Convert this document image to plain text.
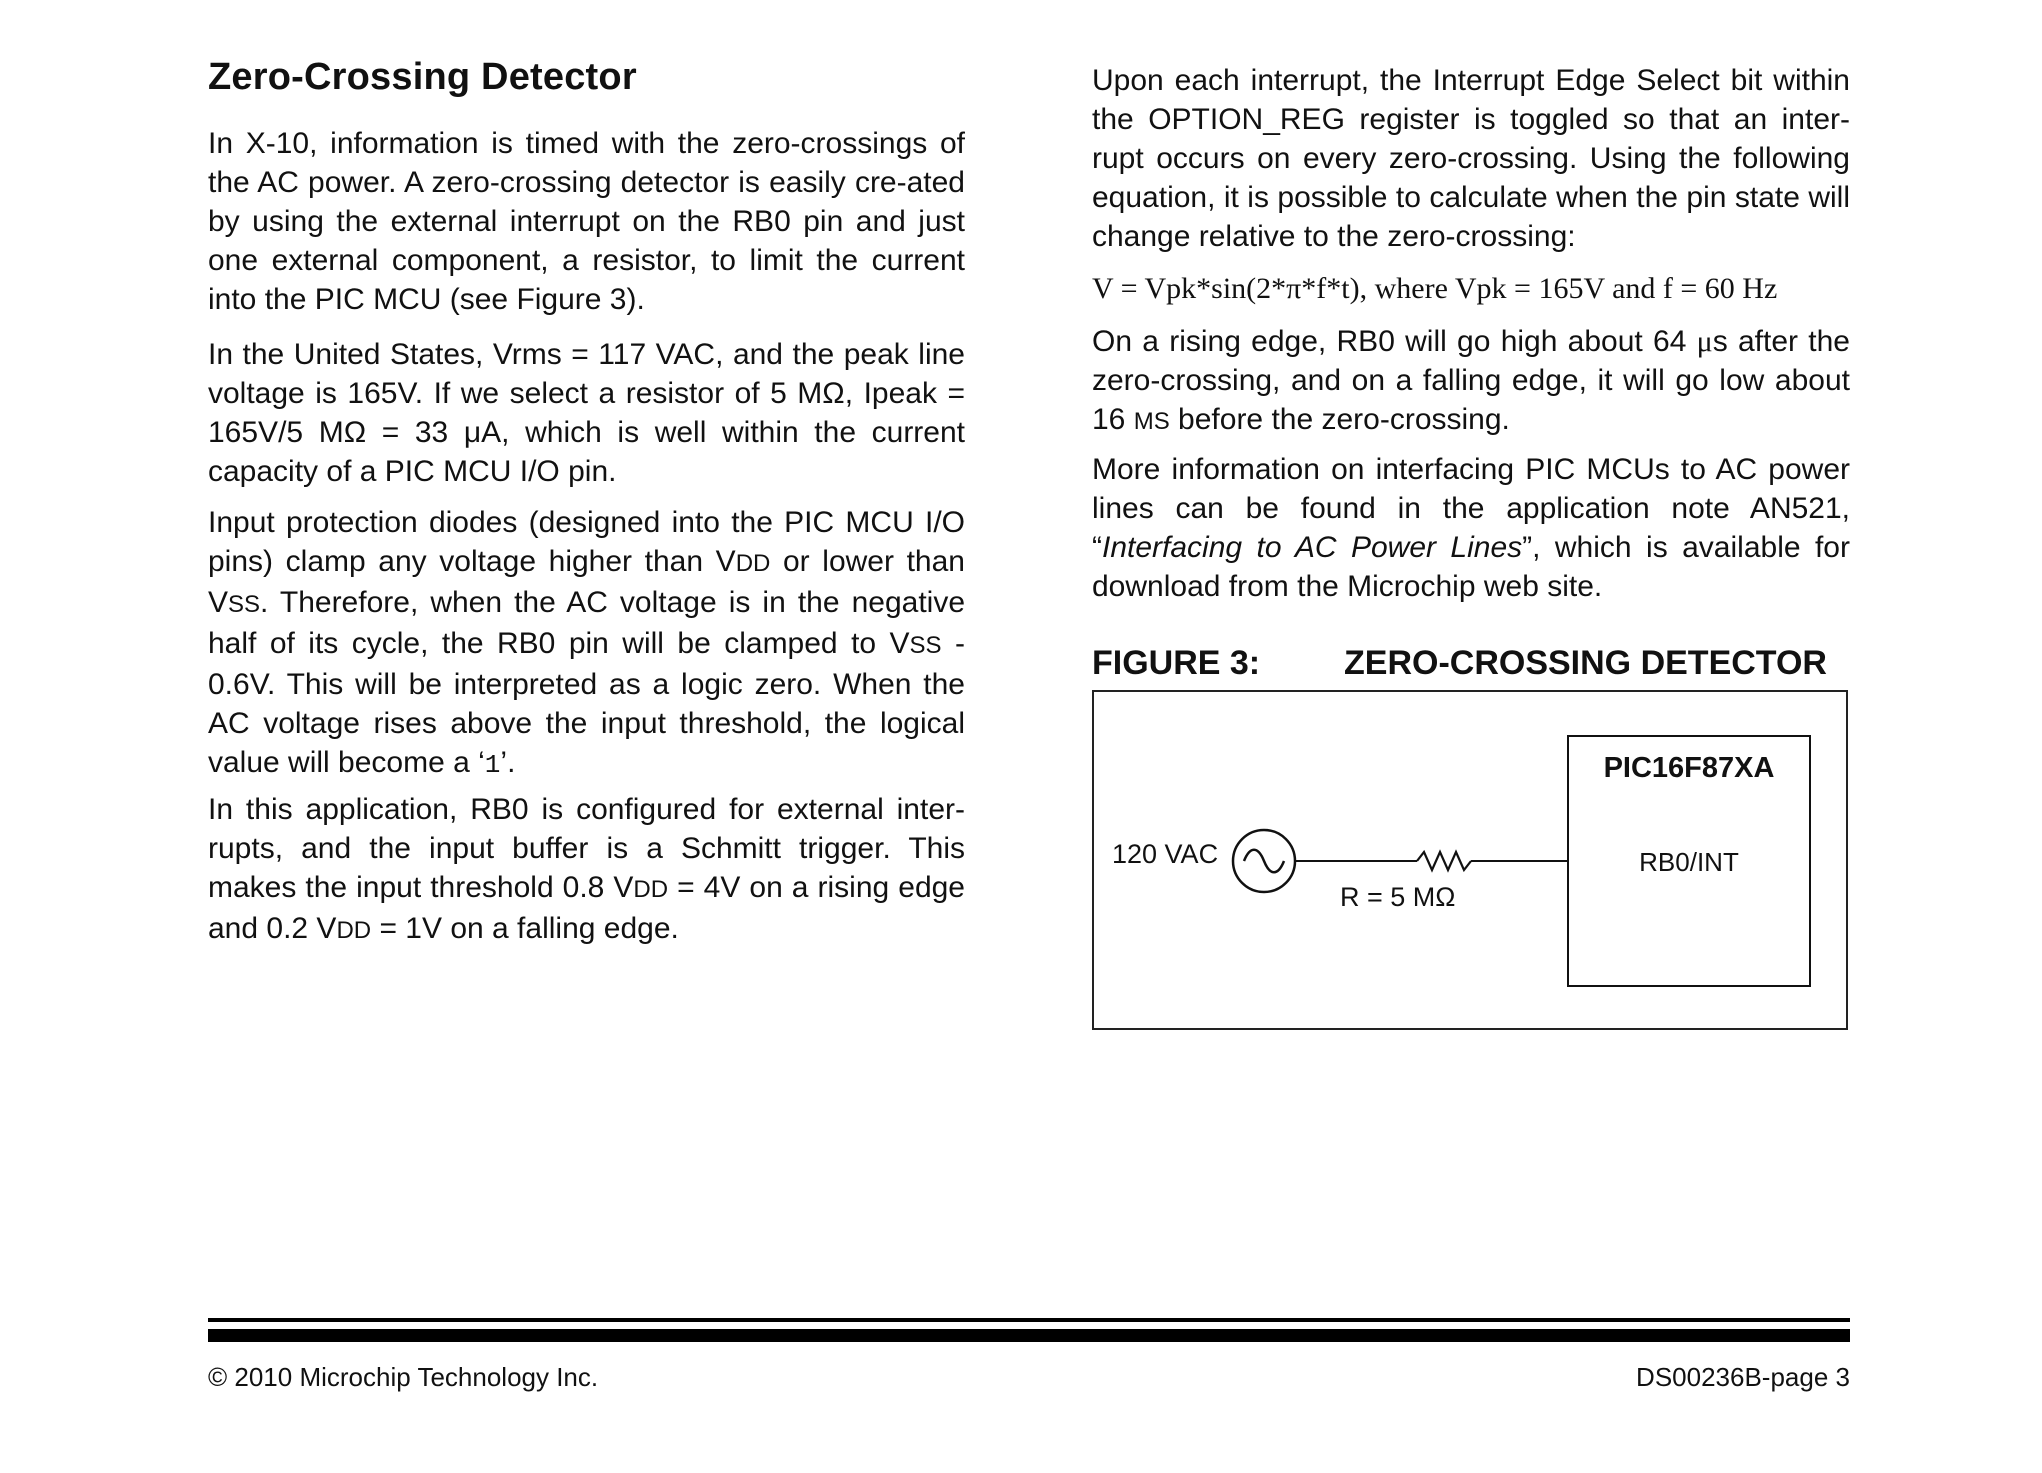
Zero-Crossing Detector

In X-10, information is timed with the zero-crossings of the AC power. A zero-crossing detector is easily cre-ated by using the external interrupt on the RB0 pin and just one external component, a resistor, to limit the current into the PIC MCU (see Figure 3).

In the United States, Vrms = 117 VAC, and the peak line voltage is 165V. If we select a resistor of 5 MΩ, Ipeak = 165V/5 MΩ = 33 μA, which is well within the current capacity of a PIC MCU I/O pin.

Input protection diodes (designed into the PIC MCU I/O pins) clamp any voltage higher than VDD or lower than VSS. Therefore, when the AC voltage is in the negative half of its cycle, the RB0 pin will be clamped to VSS - 0.6V. This will be interpreted as a logic zero. When the AC voltage rises above the input threshold, the logical value will become a ‘1’.

In this application, RB0 is configured for external inter-rupts, and the input buffer is a Schmitt trigger. This makes the input threshold 0.8 VDD = 4V on a rising edge and 0.2 VDD = 1V on a falling edge.

Upon each interrupt, the Interrupt Edge Select bit within the OPTION_REG register is toggled so that an inter-rupt occurs on every zero-crossing. Using the following equation, it is possible to calculate when the pin state will change relative to the zero-crossing:

V = Vpk*sin(2*π*f*t), where Vpk = 165V and f = 60 Hz

On a rising edge, RB0 will go high about 64 μs after the zero-crossing, and on a falling edge, it will go low about 16 MS before the zero-crossing.

More information on interfacing PIC MCUs to AC power lines can be found in the application note AN521, “Interfacing to AC Power Lines”, which is available for download from the Microchip web site.

FIGURE 3: ZERO-CROSSING DETECTOR
120 VAC
R = 5 MΩ
PIC16F87XA
RB0/INT
© 2010 Microchip Technology Inc.	DS00236B-page 3
